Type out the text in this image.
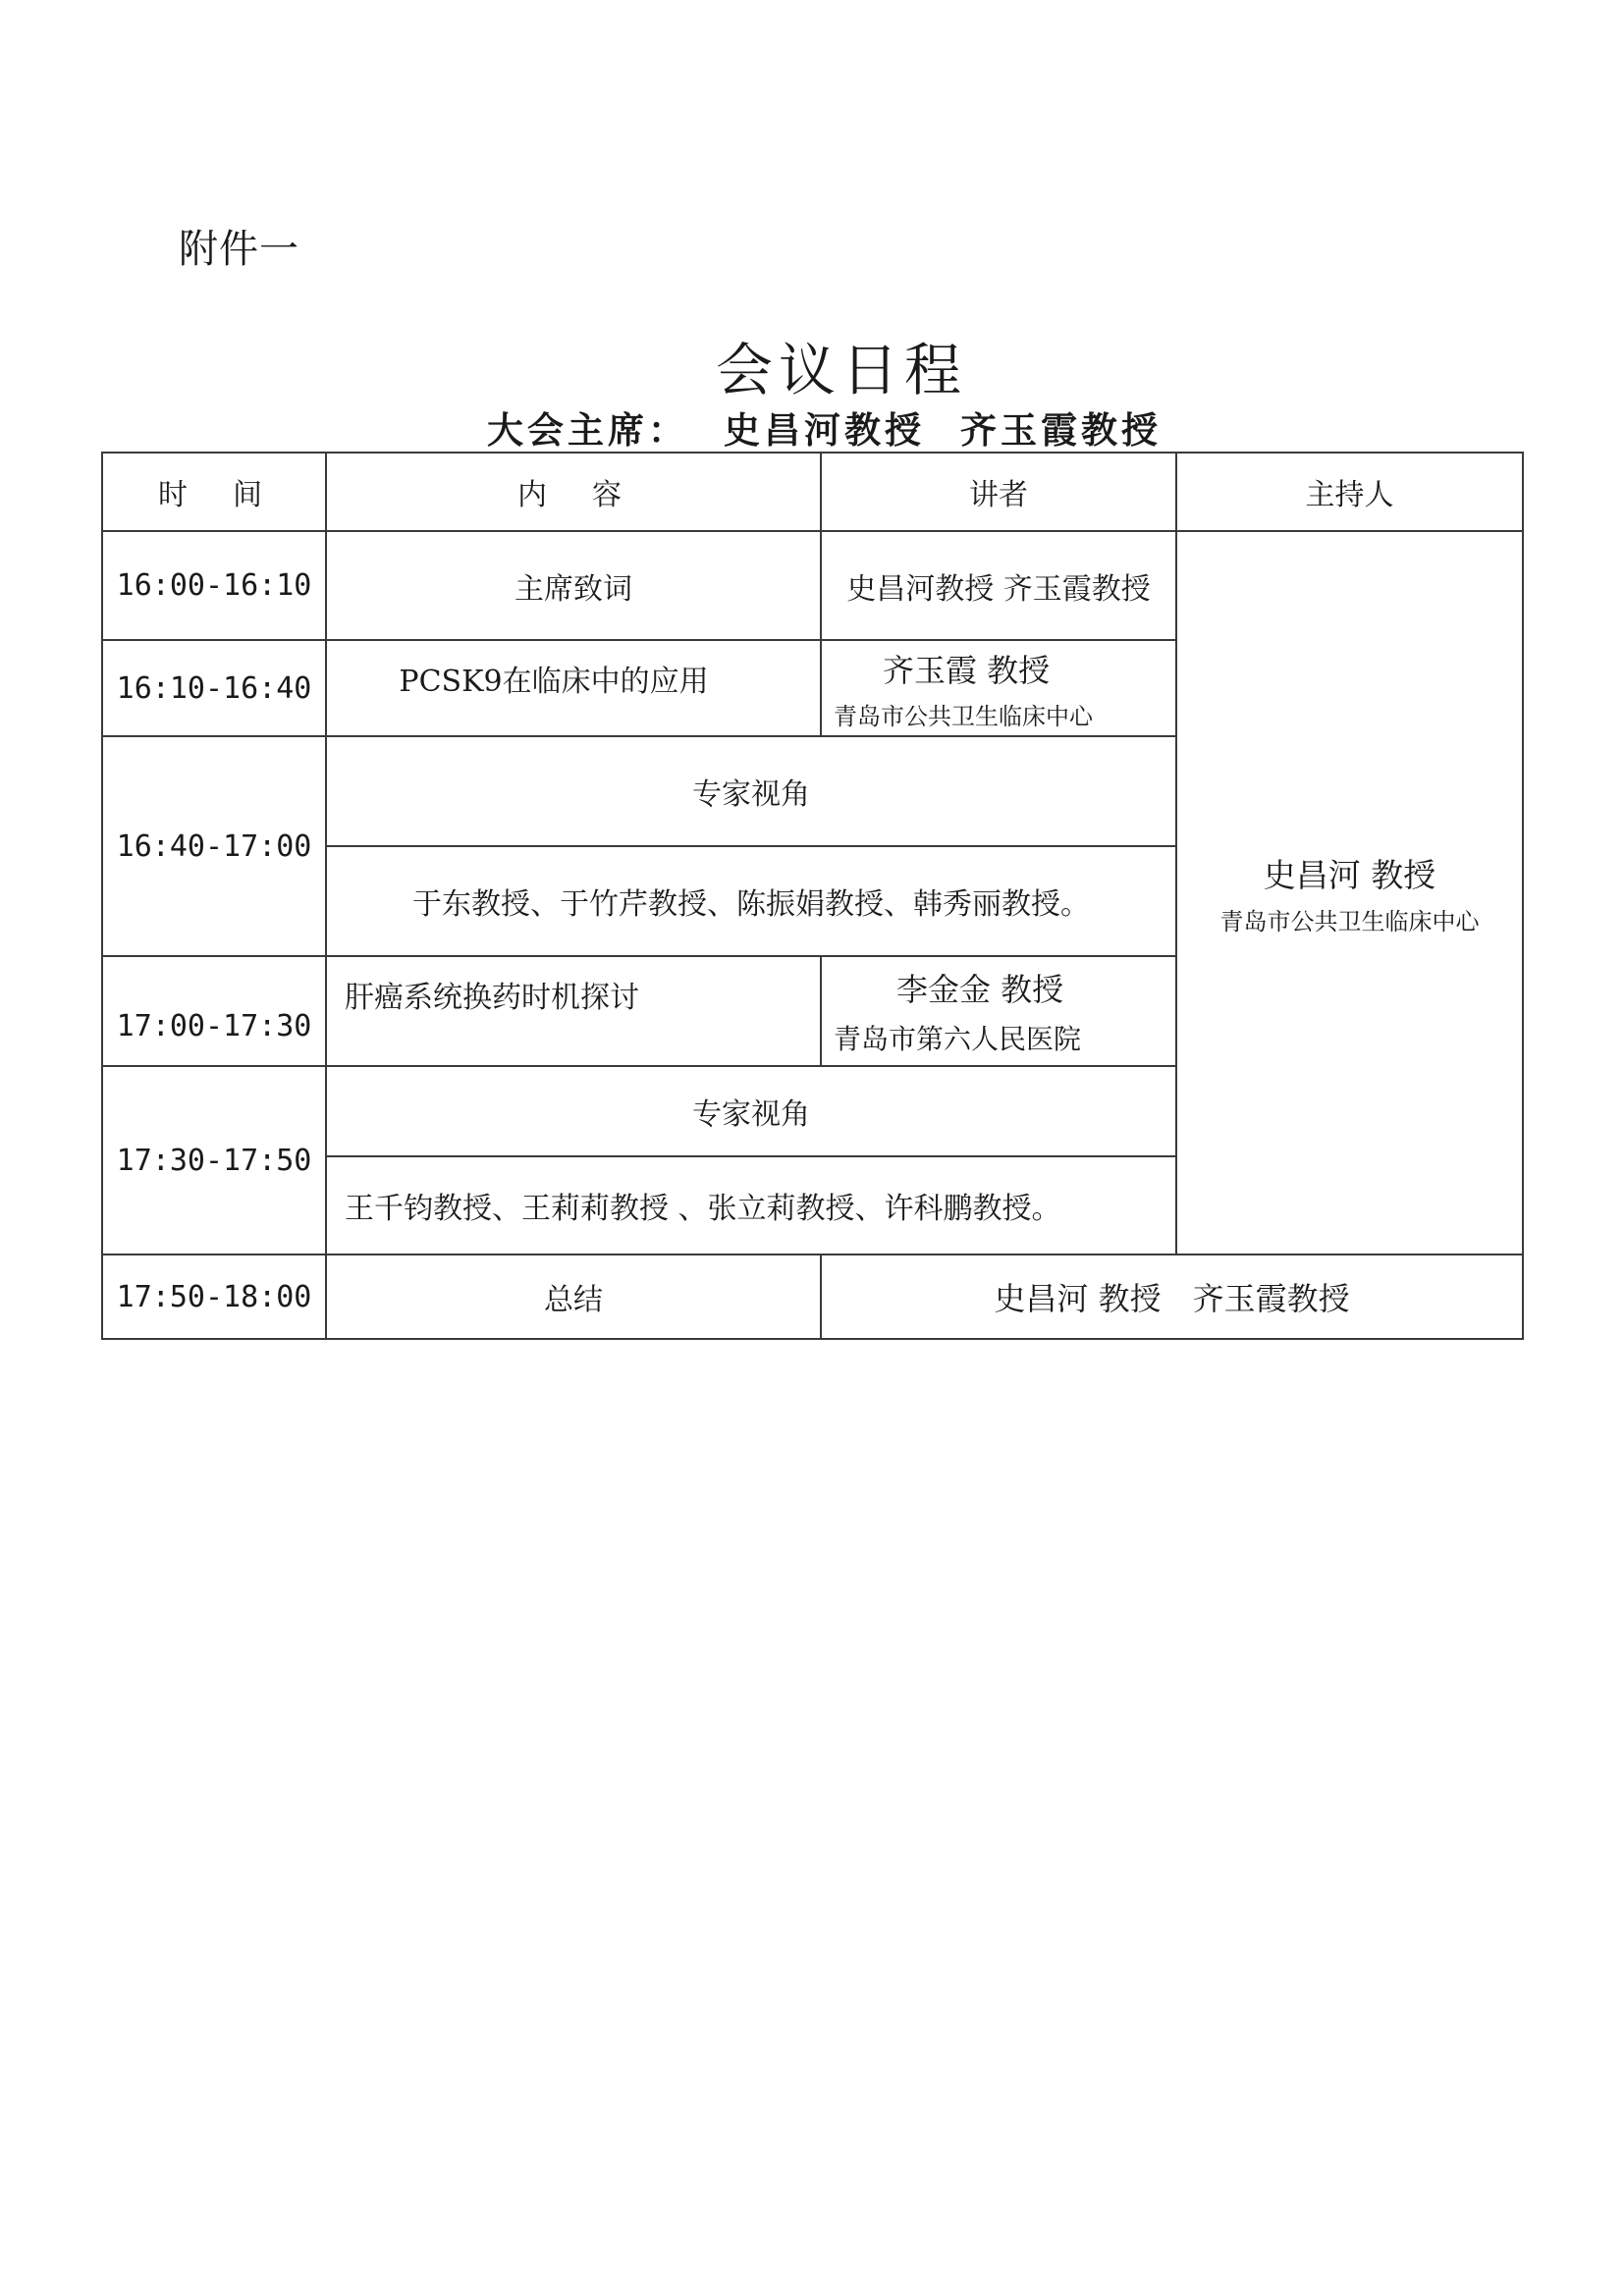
附件一
会议日程
大会主席： 史昌河教授 齐玉霞教授
时　间	内　容	讲者	主持人
16:00-16:10	主席致词	史昌河教授 齐玉霞教授	史昌河 教授
青岛市公共卫生临床中心

16:10-16:40	PCSK9在临床中的应用	齐玉霞 教授
青岛市公共卫生临床中心	

16:40-17:00	专家视角		
	于东教授、于竹芹教授、陈振娟教授、韩秀丽教授。		
17:00-17:30	肝癌系统换药时机探讨	李金金 教授
青岛市第六人民医院	

17:30-17:50	专家视角		
	王千钧教授、王莉莉教授 、张立莉教授、许科鹏教授。		
17:50-18:00	总结	史昌河 教授　齐玉霞教授	
